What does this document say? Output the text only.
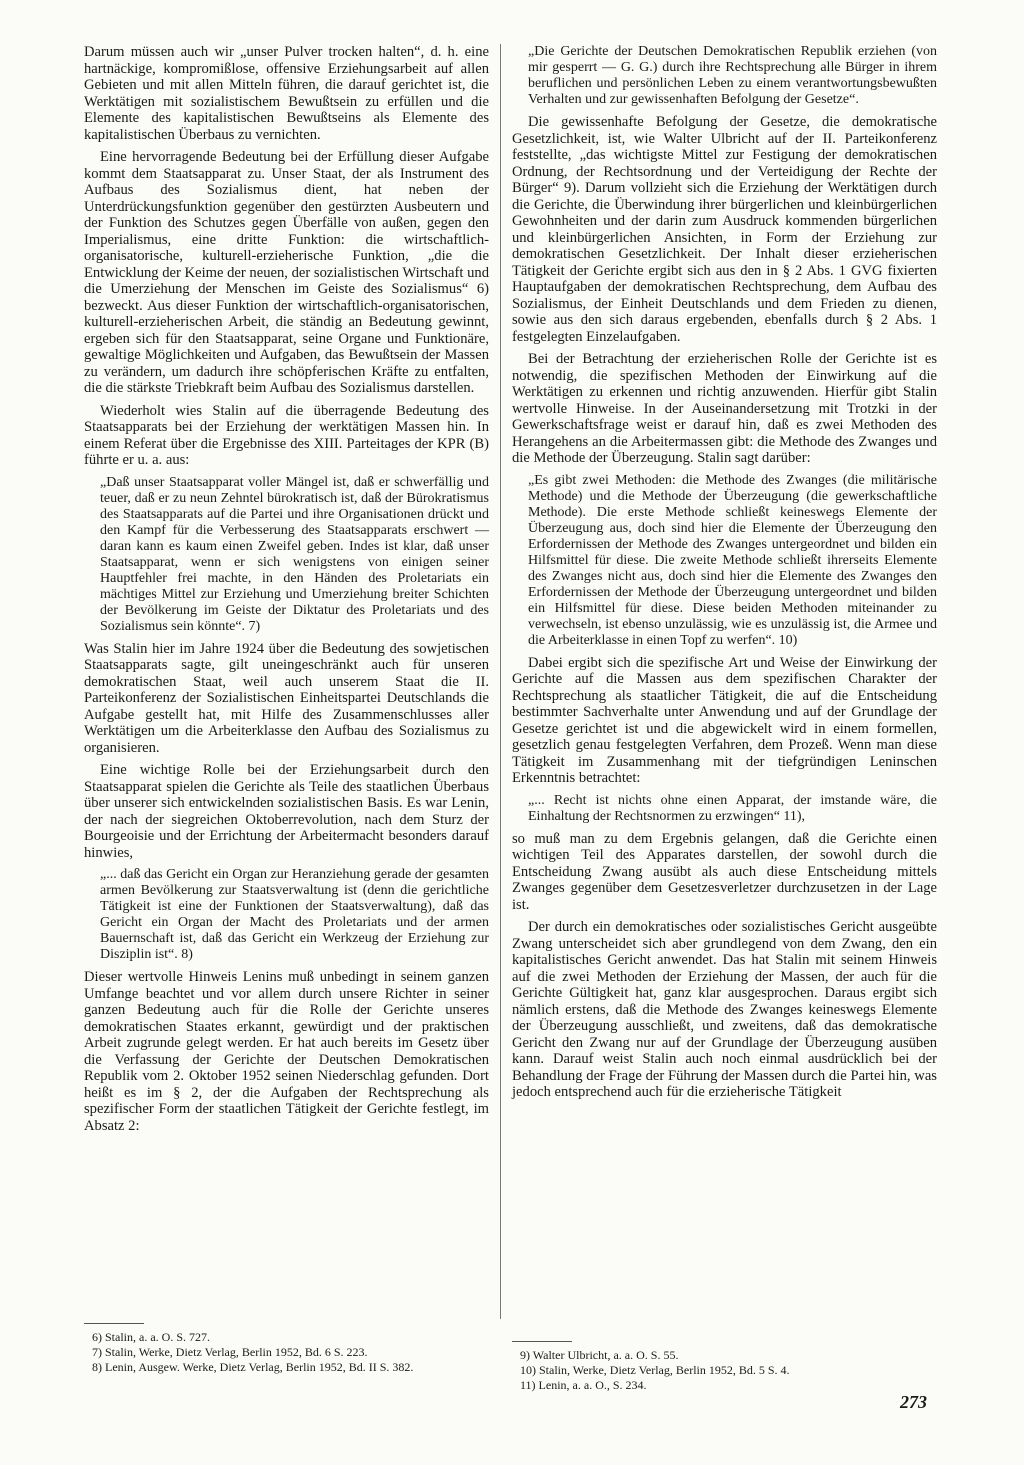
Darum müssen auch wir „unser Pulver trocken halten“, d. h. eine hartnäckige, kompromißlose, offensive Erziehungsarbeit auf allen Gebieten und mit allen Mitteln führen, die darauf gerichtet ist, die Werktätigen mit sozialistischem Bewußtsein zu erfüllen und die Elemente des kapitalistischen Bewußtseins als Elemente des kapitalistischen Überbaus zu vernichten.

Eine hervorragende Bedeutung bei der Erfüllung dieser Aufgabe kommt dem Staatsapparat zu. Unser Staat, der als Instrument des Aufbaus des Sozialismus dient, hat neben der Unterdrückungsfunktion gegenüber den gestürzten Ausbeutern und der Funktion des Schutzes gegen Überfälle von außen, gegen den Imperialismus, eine dritte Funktion: die wirtschaftlich-organisatorische, kulturell-erzieherische Funktion, „die die Entwicklung der Keime der neuen, der sozialistischen Wirtschaft und die Umerziehung der Menschen im Geiste des Sozialismus“ 6) bezweckt. Aus dieser Funktion der wirtschaftlich-organisatorischen, kulturell-erzieherischen Arbeit, die ständig an Bedeutung gewinnt, ergeben sich für den Staatsapparat, seine Organe und Funktionäre, gewaltige Möglichkeiten und Aufgaben, das Bewußtsein der Massen zu verändern, um dadurch ihre schöpferischen Kräfte zu entfalten, die die stärkste Triebkraft beim Aufbau des Sozialismus darstellen.

Wiederholt wies Stalin auf die überragende Bedeutung des Staatsapparats bei der Erziehung der werktätigen Massen hin. In einem Referat über die Ergebnisse des XIII. Parteitages der KPR (B) führte er u. a. aus:

„Daß unser Staatsapparat voller Mängel ist, daß er schwerfällig und teuer, daß er zu neun Zehntel bürokratisch ist, daß der Bürokratismus des Staatsapparats auf die Partei und ihre Organisationen drückt und den Kampf für die Verbesserung des Staatsapparats erschwert — daran kann es kaum einen Zweifel geben. Indes ist klar, daß unser Staatsapparat, wenn er sich wenigstens von einigen seiner Hauptfehler frei machte, in den Händen des Proletariats ein mächtiges Mittel zur Erziehung und Umerziehung breiter Schichten der Bevölkerung im Geiste der Diktatur des Proletariats und des Sozialismus sein könnte“. 7)

Was Stalin hier im Jahre 1924 über die Bedeutung des sowjetischen Staatsapparats sagte, gilt uneingeschränkt auch für unseren demokratischen Staat, weil auch unserem Staat die II. Parteikonferenz der Sozialistischen Einheitspartei Deutschlands die Aufgabe gestellt hat, mit Hilfe des Zusammenschlusses aller Werktätigen um die Arbeiterklasse den Aufbau des Sozialismus zu organisieren.

Eine wichtige Rolle bei der Erziehungsarbeit durch den Staatsapparat spielen die Gerichte als Teile des staatlichen Überbaus über unserer sich entwickelnden sozialistischen Basis. Es war Lenin, der nach der siegreichen Oktoberrevolution, nach dem Sturz der Bourgeoisie und der Errichtung der Arbeitermacht besonders darauf hinwies,

„... daß das Gericht ein Organ zur Heranziehung gerade der gesamten armen Bevölkerung zur Staatsverwaltung ist (denn die gerichtliche Tätigkeit ist eine der Funktionen der Staatsverwaltung), daß das Gericht ein Organ der Macht des Proletariats und der armen Bauernschaft ist, daß das Gericht ein Werkzeug der Erziehung zur Disziplin ist“. 8)

Dieser wertvolle Hinweis Lenins muß unbedingt in seinem ganzen Umfange beachtet und vor allem durch unsere Richter in seiner ganzen Bedeutung auch für die Rolle der Gerichte unseres demokratischen Staates erkannt, gewürdigt und der praktischen Arbeit zugrunde gelegt werden. Er hat auch bereits im Gesetz über die Verfassung der Gerichte der Deutschen Demokratischen Republik vom 2. Oktober 1952 seinen Niederschlag gefunden. Dort heißt es im § 2, der die Aufgaben der Rechtsprechung als spezifischer Form der staatlichen Tätigkeit der Gerichte festlegt, im Absatz 2:

„Die Gerichte der Deutschen Demokratischen Republik erziehen (von mir gesperrt — G. G.) durch ihre Rechtsprechung alle Bürger in ihrem beruflichen und persönlichen Leben zu einem verantwortungsbewußten Verhalten und zur gewissenhaften Befolgung der Gesetze“.

Die gewissenhafte Befolgung der Gesetze, die demokratische Gesetzlichkeit, ist, wie Walter Ulbricht auf der II. Parteikonferenz feststellte, „das wichtigste Mittel zur Festigung der demokratischen Ordnung, der Rechtsordnung und der Verteidigung der Rechte der Bürger“ 9). Darum vollzieht sich die Erziehung der Werktätigen durch die Gerichte, die Überwindung ihrer bürgerlichen und kleinbürgerlichen Gewohnheiten und der darin zum Ausdruck kommenden bürgerlichen und kleinbürgerlichen Ansichten, in Form der Erziehung zur demokratischen Gesetzlichkeit. Der Inhalt dieser erzieherischen Tätigkeit der Gerichte ergibt sich aus den in § 2 Abs. 1 GVG fixierten Hauptaufgaben der demokratischen Rechtsprechung, dem Aufbau des Sozialismus, der Einheit Deutschlands und dem Frieden zu dienen, sowie aus den sich daraus ergebenden, ebenfalls durch § 2 Abs. 1 festgelegten Einzelaufgaben.

Bei der Betrachtung der erzieherischen Rolle der Gerichte ist es notwendig, die spezifischen Methoden der Einwirkung auf die Werktätigen zu erkennen und richtig anzuwenden. Hierfür gibt Stalin wertvolle Hinweise. In der Auseinandersetzung mit Trotzki in der Gewerkschaftsfrage weist er darauf hin, daß es zwei Methoden des Herangehens an die Arbeitermassen gibt: die Methode des Zwanges und die Methode der Überzeugung. Stalin sagt darüber:

„Es gibt zwei Methoden: die Methode des Zwanges (die militärische Methode) und die Methode der Überzeugung (die gewerkschaftliche Methode). Die erste Methode schließt keineswegs Elemente der Überzeugung aus, doch sind hier die Elemente der Überzeugung den Erfordernissen der Methode des Zwanges untergeordnet und bilden ein Hilfsmittel für diese. Die zweite Methode schließt ihrerseits Elemente des Zwanges nicht aus, doch sind hier die Elemente des Zwanges den Erfordernissen der Methode der Überzeugung untergeordnet und bilden ein Hilfsmittel für diese. Diese beiden Methoden miteinander zu verwechseln, ist ebenso unzulässig, wie es unzulässig ist, die Armee und die Arbeiterklasse in einen Topf zu werfen“. 10)

Dabei ergibt sich die spezifische Art und Weise der Einwirkung der Gerichte auf die Massen aus dem spezifischen Charakter der Rechtsprechung als staatlicher Tätigkeit, die auf die Entscheidung bestimmter Sachverhalte unter Anwendung und auf der Grundlage der Gesetze gerichtet ist und die abgewickelt wird in einem formellen, gesetzlich genau festgelegten Verfahren, dem Prozeß. Wenn man diese Tätigkeit im Zusammenhang mit der tiefgründigen Leninschen Erkenntnis betrachtet:

„... Recht ist nichts ohne einen Apparat, der imstande wäre, die Einhaltung der Rechtsnormen zu erzwingen“ 11),

so muß man zu dem Ergebnis gelangen, daß die Gerichte einen wichtigen Teil des Apparates darstellen, der sowohl durch die Entscheidung Zwang ausübt als auch diese Entscheidung mittels Zwanges gegenüber dem Gesetzesverletzer durchzusetzen in der Lage ist.

Der durch ein demokratisches oder sozialistisches Gericht ausgeübte Zwang unterscheidet sich aber grundlegend von dem Zwang, den ein kapitalistisches Gericht anwendet. Das hat Stalin mit seinem Hinweis auf die zwei Methoden der Erziehung der Massen, der auch für die Gerichte Gültigkeit hat, ganz klar ausgesprochen. Daraus ergibt sich nämlich erstens, daß die Methode des Zwanges keineswegs Elemente der Überzeugung ausschließt, und zweitens, daß das demokratische Gericht den Zwang nur auf der Grundlage der Überzeugung ausüben kann. Darauf weist Stalin auch noch einmal ausdrücklich bei der Behandlung der Frage der Führung der Massen durch die Partei hin, was jedoch entsprechend auch für die erzieherische Tätigkeit

6) Stalin, a. a. O. S. 727.
7) Stalin, Werke, Dietz Verlag, Berlin 1952, Bd. 6 S. 223.
8) Lenin, Ausgew. Werke, Dietz Verlag, Berlin 1952, Bd. II S. 382.
9) Walter Ulbricht, a. a. O. S. 55.
10) Stalin, Werke, Dietz Verlag, Berlin 1952, Bd. 5 S. 4.
11) Lenin, a. a. O., S. 234.
273
